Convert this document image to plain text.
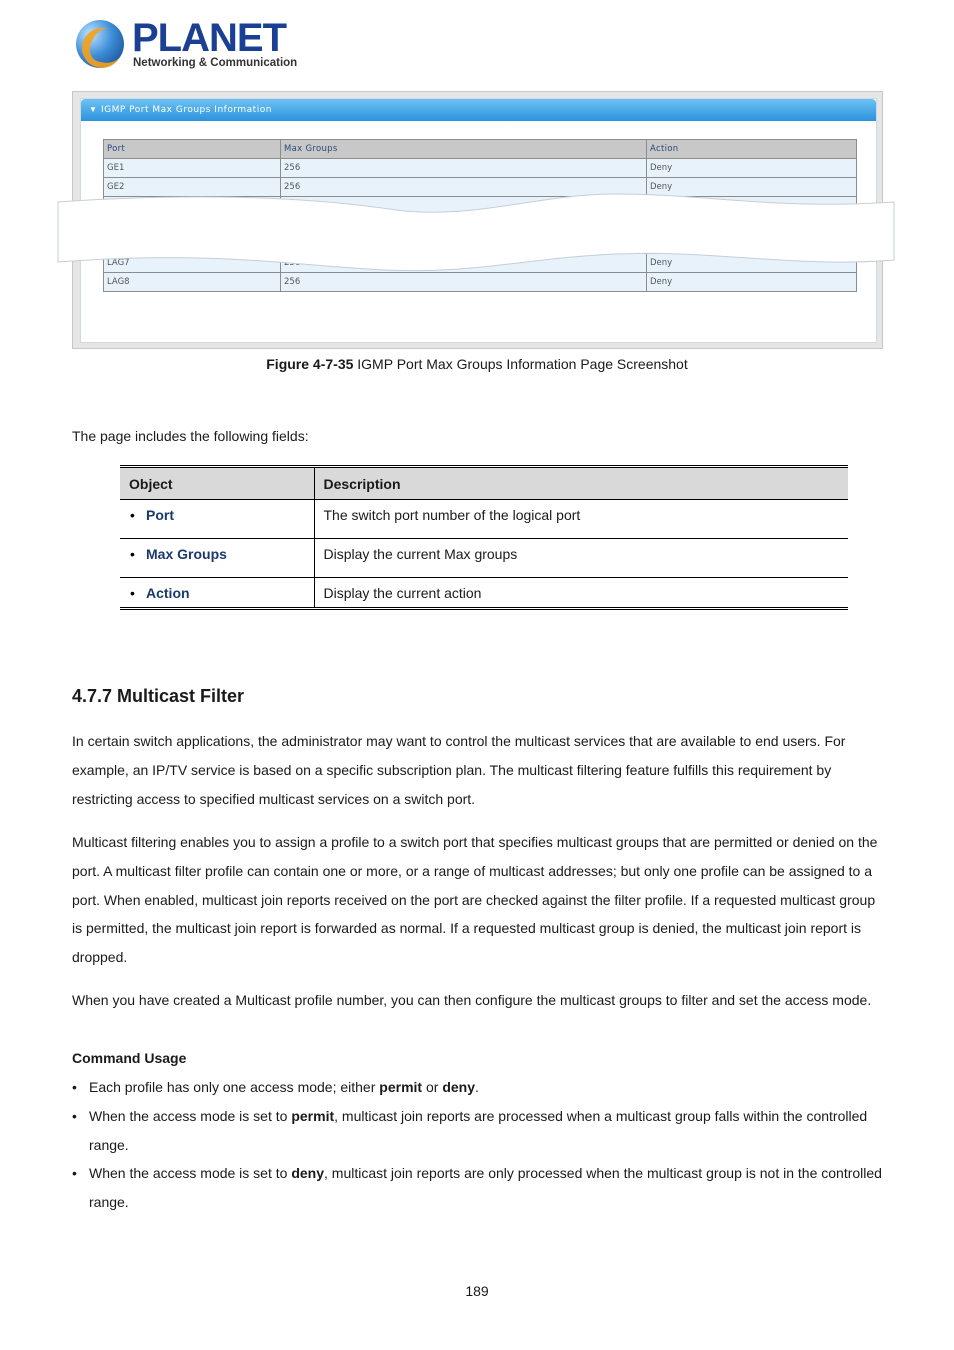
PLANET
Networking & Communication
▼ IGMP Port Max Groups Information
Port	Max Groups	Action
GE1	256	Deny
GE2	256	Deny

LAG7		Deny
LAG8	256	Deny
Figure 4-7-35 IGMP Port Max Groups Information Page Screenshot
The page includes the following fields:
Object	Description
• Port	The switch port number of the logical port
• Max Groups	Display the current Max groups
• Action	Display the current action
4.7.7 Multicast Filter
In certain switch applications, the administrator may want to control the multicast services that are available to end users. For example, an IP/TV service is based on a specific subscription plan. The multicast filtering feature fulfills this requirement by restricting access to specified multicast services on a switch port.
Multicast filtering enables you to assign a profile to a switch port that specifies multicast groups that are permitted or denied on the port. A multicast filter profile can contain one or more, or a range of multicast addresses; but only one profile can be assigned to a port. When enabled, multicast join reports received on the port are checked against the filter profile. If a requested multicast group is permitted, the multicast join report is forwarded as normal. If a requested multicast group is denied, the multicast join report is dropped.
When you have created a Multicast profile number, you can then configure the multicast groups to filter and set the access mode.
Command Usage
• Each profile has only one access mode; either permit or deny.
• When the access mode is set to permit, multicast join reports are processed when a multicast group falls within the controlled range.
• When the access mode is set to deny, multicast join reports are only processed when the multicast group is not in the controlled range.
189
